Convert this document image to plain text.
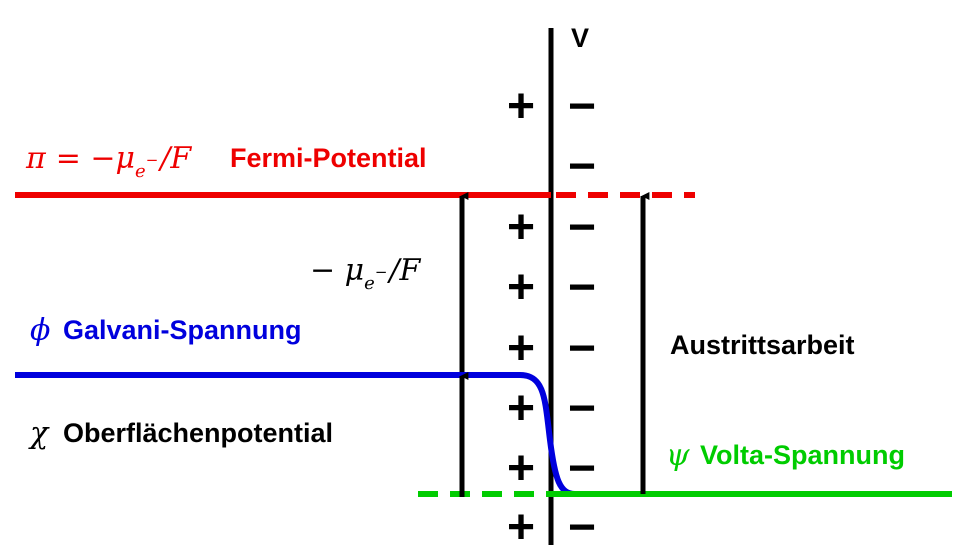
V
+
+
+
+
+
+
+
−
−
−
−
−
−
−
−
$\pi = -\mu_e^-/F$ Fermi-Potential
− $\mu_e^-/F$
ϕ Galvani-Spannung
χ Oberflächenpotential
Austrittsarbeit
ψ Volta-Spannung
